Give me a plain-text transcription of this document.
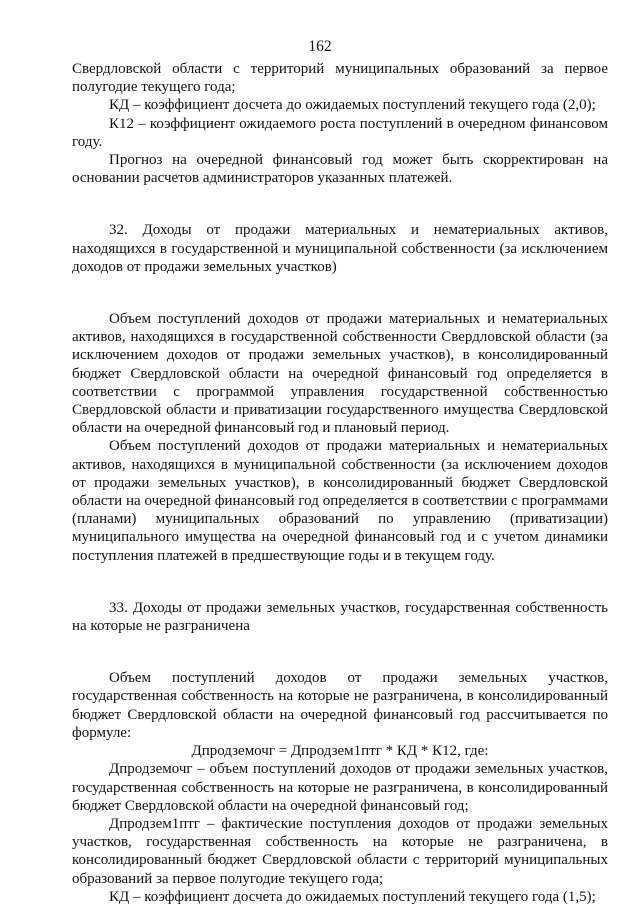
162

Свердловской области с территорий муниципальных образований за первое полугодие текущего года;

КД – коэффициент досчета до ожидаемых поступлений текущего года (2,0);

К12 – коэффициент ожидаемого роста поступлений в очередном финансовом году.

Прогноз на очередной финансовый год может быть скорректирован на основании расчетов администраторов указанных платежей.

32. Доходы от продажи материальных и нематериальных активов, находящихся в государственной и муниципальной собственности (за исключением доходов от продажи земельных участков)

Объем поступлений доходов от продажи материальных и нематериальных активов, находящихся в государственной собственности Свердловской области (за исключением доходов от продажи земельных участков), в консолидированный бюджет Свердловской области на очередной финансовый год определяется в соответствии с программой управления государственной собственностью Свердловской области и приватизации государственного имущества Свердловской области на очередной финансовый год и плановый период.

Объем поступлений доходов от продажи материальных и нематериальных активов, находящихся в муниципальной собственности (за исключением доходов от продажи земельных участков), в консолидированный бюджет Свердловской области на очередной финансовый год определяется в соответствии с программами (планами) муниципальных образований по управлению (приватизации) муниципального имущества на очередной финансовый год и с учетом динамики поступления платежей в предшествующие годы и в текущем году.

33. Доходы от продажи земельных участков, государственная собственность на которые не разграничена

Объем поступлений доходов от продажи земельных участков, государственная собственность на которые не разграничена, в консолидированный бюджет Свердловской области на очередной финансовый год рассчитывается по формуле:

Дпродземочг = Дпродзем1птг * КД * К12, где:

Дпродземочг – объем поступлений доходов от продажи земельных участков, государственная собственность на которые не разграничена, в консолидированный бюджет Свердловской области на очередной финансовый год;

Дпродзем1птг – фактические поступления доходов от продажи земельных участков, государственная собственность на которые не разграничена, в консолидированный бюджет Свердловской области с территорий муниципальных образований за первое полугодие текущего года;

КД – коэффициент досчета до ожидаемых поступлений текущего года (1,5);
